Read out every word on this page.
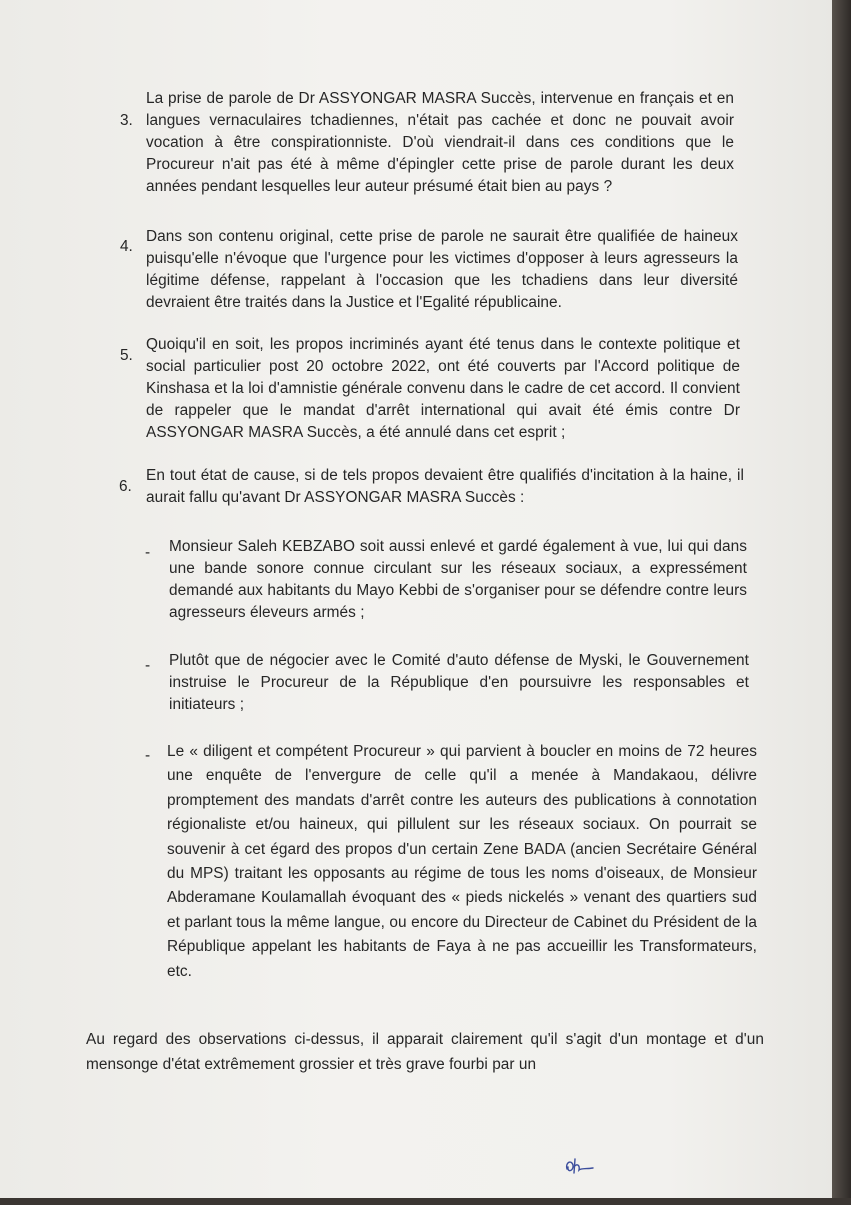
3.
La prise de parole de Dr ASSYONGAR MASRA Succès, intervenue en français et en langues vernaculaires tchadiennes, n'était pas cachée et donc ne pouvait avoir vocation à être conspirationniste. D'où viendrait-il dans ces conditions que le Procureur n'ait pas été à même d'épingler cette prise de parole durant les deux années pendant lesquelles leur auteur présumé était bien au pays ?
4.
Dans son contenu original, cette prise de parole ne saurait être qualifiée de haineux puisqu'elle n'évoque que l'urgence pour les victimes d'opposer à leurs agresseurs la légitime défense, rappelant à l'occasion que les tchadiens dans leur diversité devraient être traités dans la Justice et l'Egalité républicaine.
5.
Quoiqu'il en soit, les propos incriminés ayant été tenus dans le contexte politique et social particulier post 20 octobre 2022, ont été couverts par l'Accord politique de Kinshasa et la loi d'amnistie générale convenu dans le cadre de cet accord. Il convient de rappeler que le mandat d'arrêt international qui avait été émis contre Dr ASSYONGAR MASRA Succès, a été annulé dans cet esprit ;
6.
En tout état de cause, si de tels propos devaient être qualifiés d'incitation à la haine, il aurait fallu qu'avant Dr ASSYONGAR MASRA Succès :
- Monsieur Saleh KEBZABO soit aussi enlevé et gardé également à vue, lui qui dans une bande sonore connue circulant sur les réseaux sociaux, a expressément demandé aux habitants du Mayo Kebbi de s'organiser pour se défendre contre leurs agresseurs éleveurs armés ;
- Plutôt que de négocier avec le Comité d'auto défense de Myski, le Gouvernement instruise le Procureur de la République d'en poursuivre les responsables et initiateurs ;
- Le « diligent et compétent Procureur » qui parvient à boucler en moins de 72 heures une enquête de l'envergure de celle qu'il a menée à Mandakaou, délivre promptement des mandats d'arrêt contre les auteurs des publications à connotation régionaliste et/ou haineux, qui pillulent sur les réseaux sociaux. On pourrait se souvenir à cet égard des propos d'un certain Zene BADA (ancien Secrétaire Général du MPS) traitant les opposants au régime de tous les noms d'oiseaux, de Monsieur Abderamane Koulamallah évoquant des « pieds nickelés » venant des quartiers sud et parlant tous la même langue, ou encore du Directeur de Cabinet du Président de la République appelant les habitants de Faya à ne pas accueillir les Transformateurs, etc.
Au regard des observations ci-dessus, il apparait clairement qu'il s'agit d'un montage et d'un mensonge d'état extrêmement grossier et très grave fourbi par un
